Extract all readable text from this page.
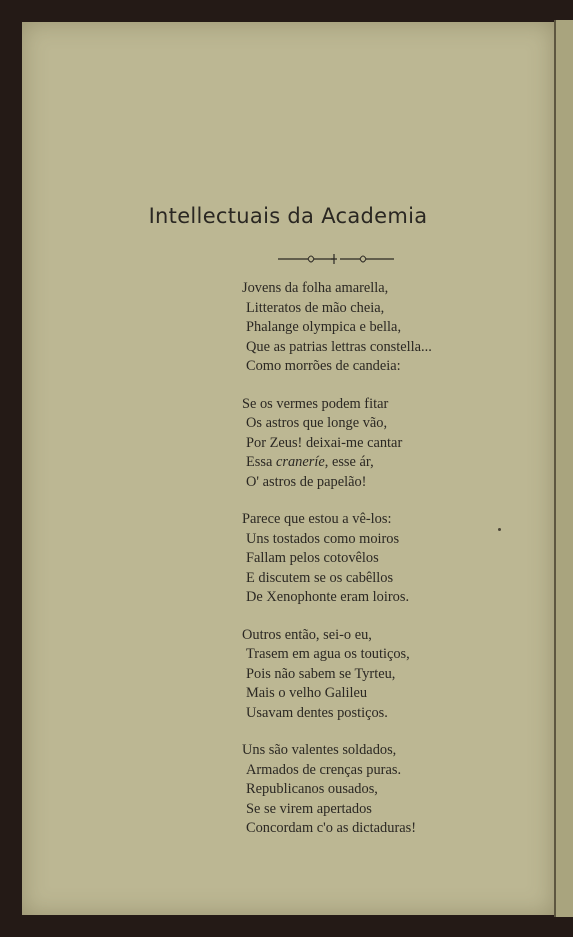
Intellectuais da Academia
Jovens da folha amarella,
Litteratos de mão cheia,
Phalange olympica e bella,
Que as patrias lettras constella...
Como morrões de candeia:
Se os vermes podem fitar
Os astros que longe vão,
Por Zeus! deixai-me cantar
Essa craneríe, esse ár,
O' astros de papelão!
Parece que estou a vê-los:
Uns tostados como moiros
Fallam pelos cotovêlos
E discutem se os cabêllos
De Xenophonte eram loiros.
Outros então, sei-o eu,
Trasem em agua os toutiços,
Pois não sabem se Tyrteu,
Mais o velho Galileu
Usavam dentes postiços.
Uns são valentes soldados,
Armados de crenças puras.
Republicanos ousados,
Se se virem apertados
Concordam c'o as dictaduras!
